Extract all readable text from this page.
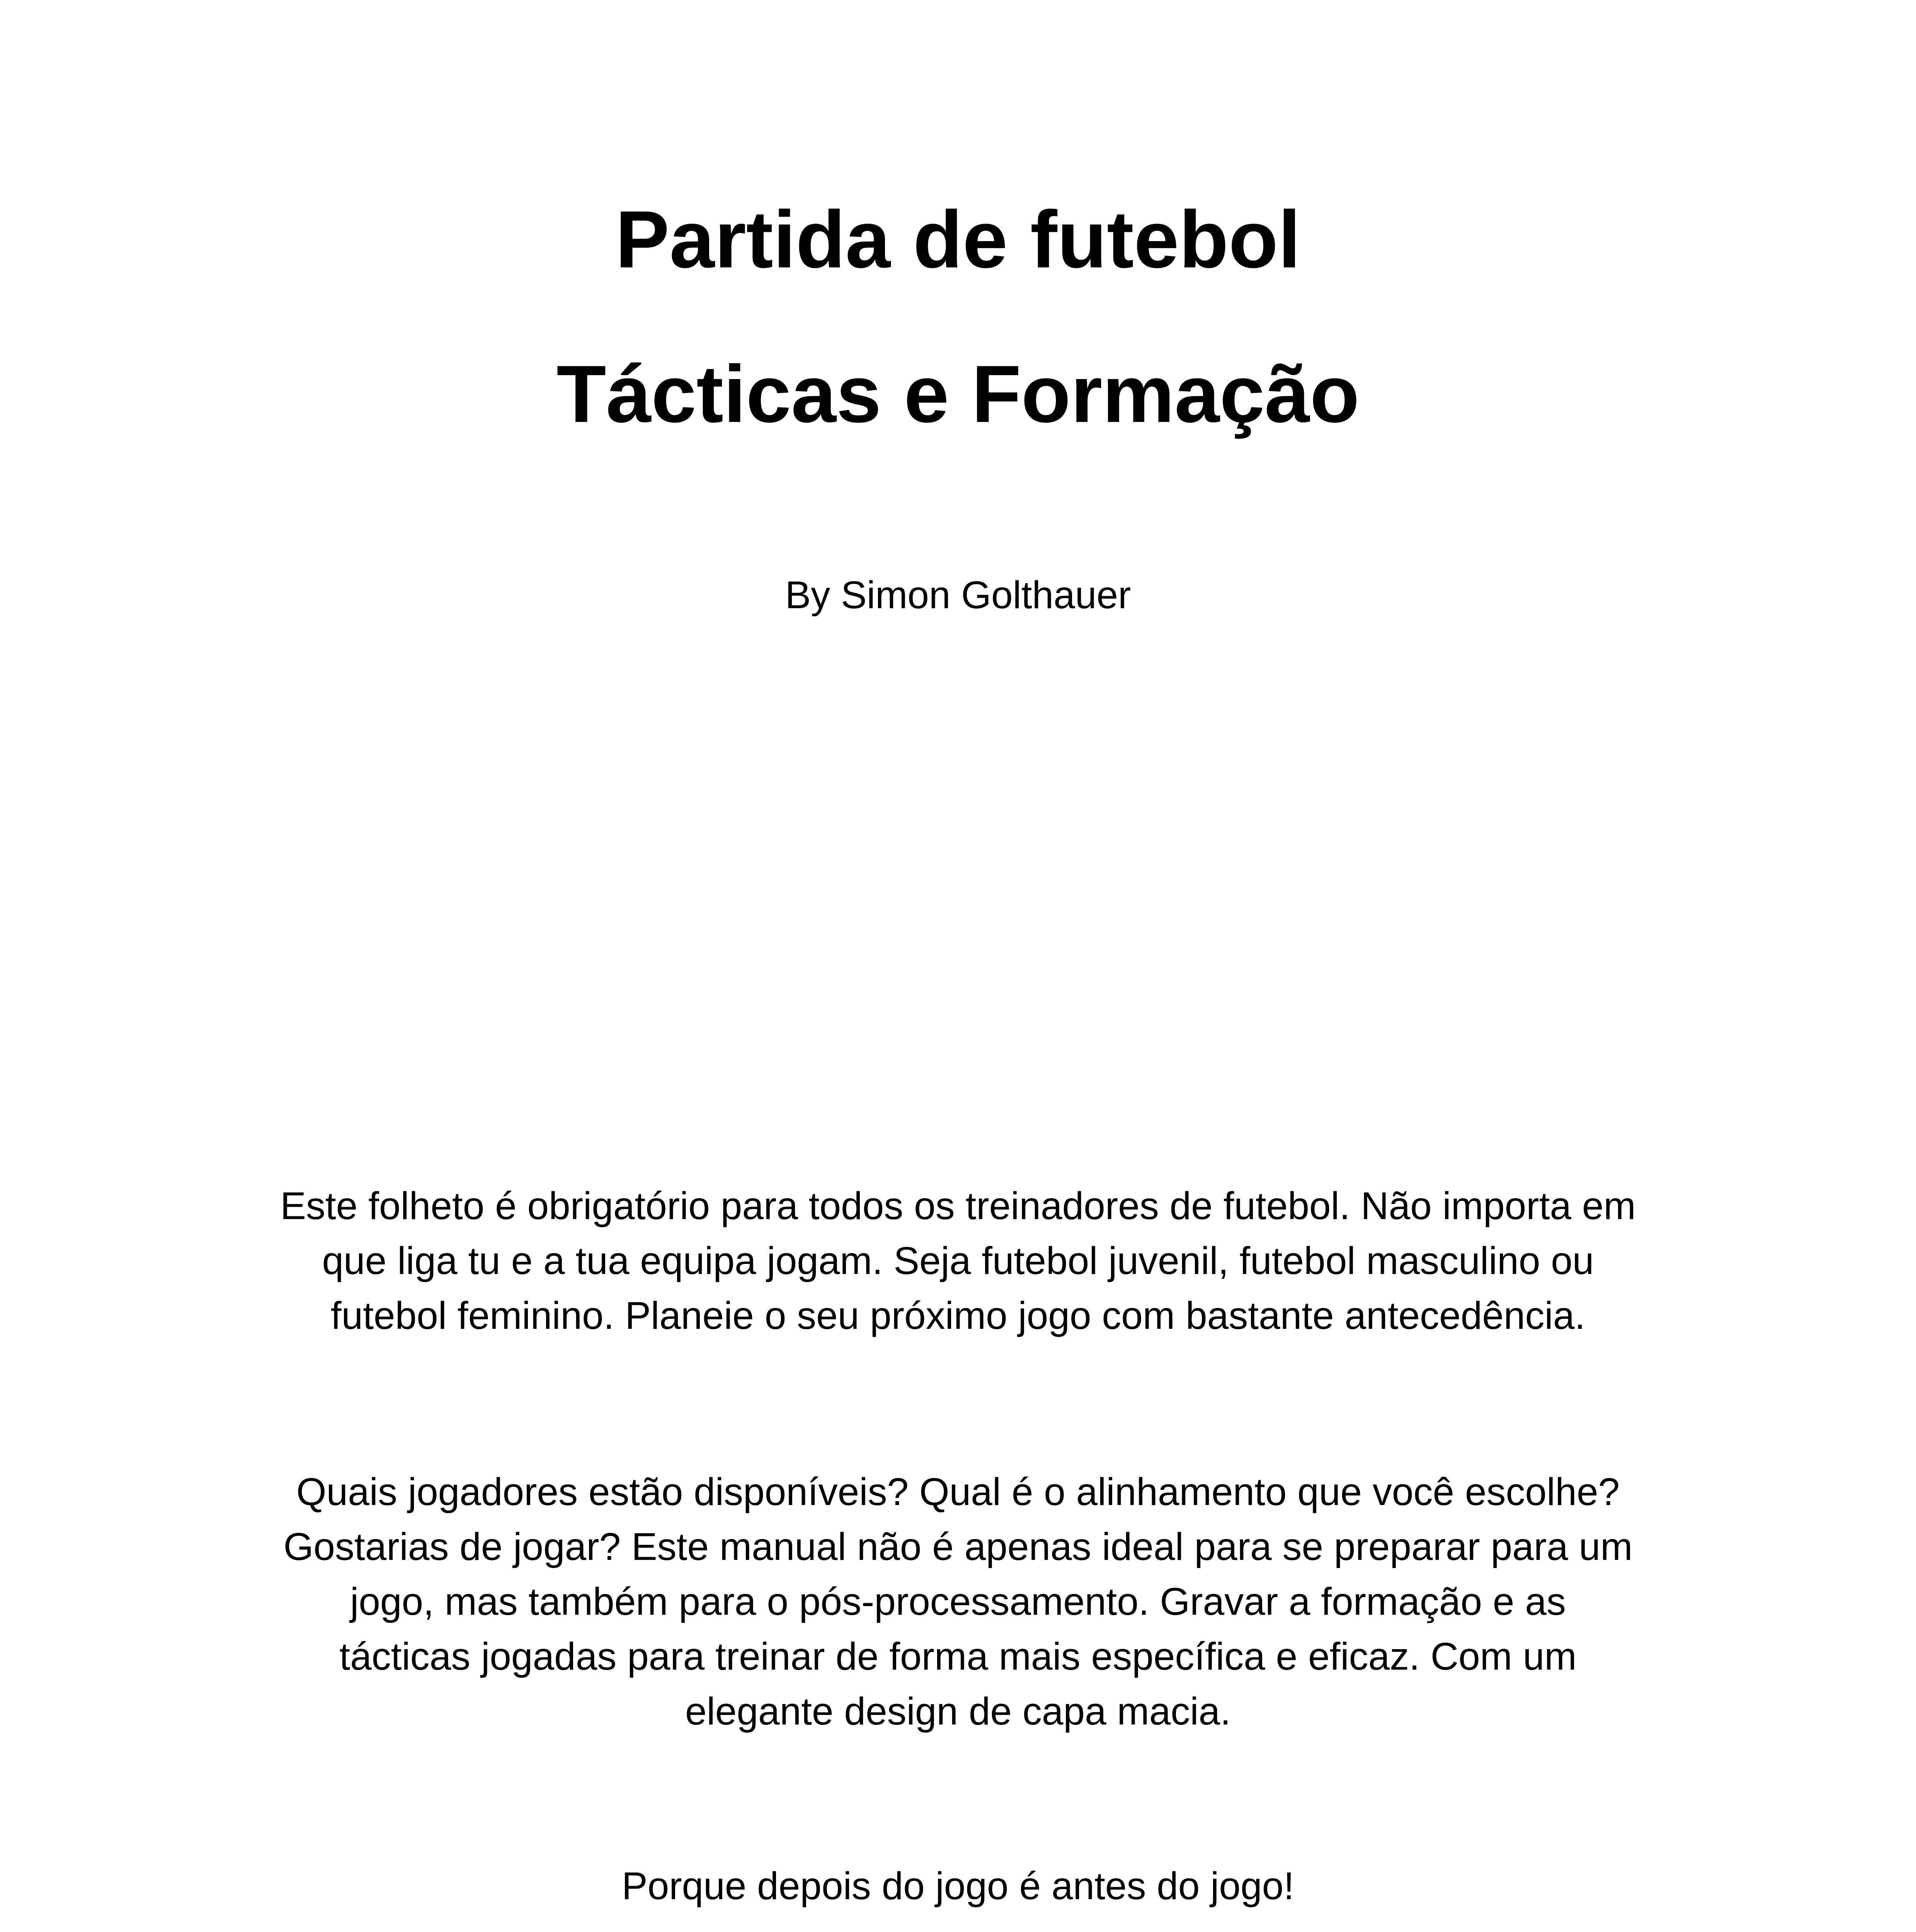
Partida de futebol
Tácticas e Formação

By Simon Golthauer

Este folheto é obrigatório para todos os treinadores de futebol. Não importa em
que liga tu e a tua equipa jogam. Seja futebol juvenil, futebol masculino ou
futebol feminino. Planeie o seu próximo jogo com bastante antecedência.
Quais jogadores estão disponíveis? Qual é o alinhamento que você escolhe?
Gostarias de jogar? Este manual não é apenas ideal para se preparar para um
jogo, mas também para o pós-processamento. Gravar a formação e as
tácticas jogadas para treinar de forma mais específica e eficaz. Com um
elegante design de capa macia.
Porque depois do jogo é antes do jogo!
